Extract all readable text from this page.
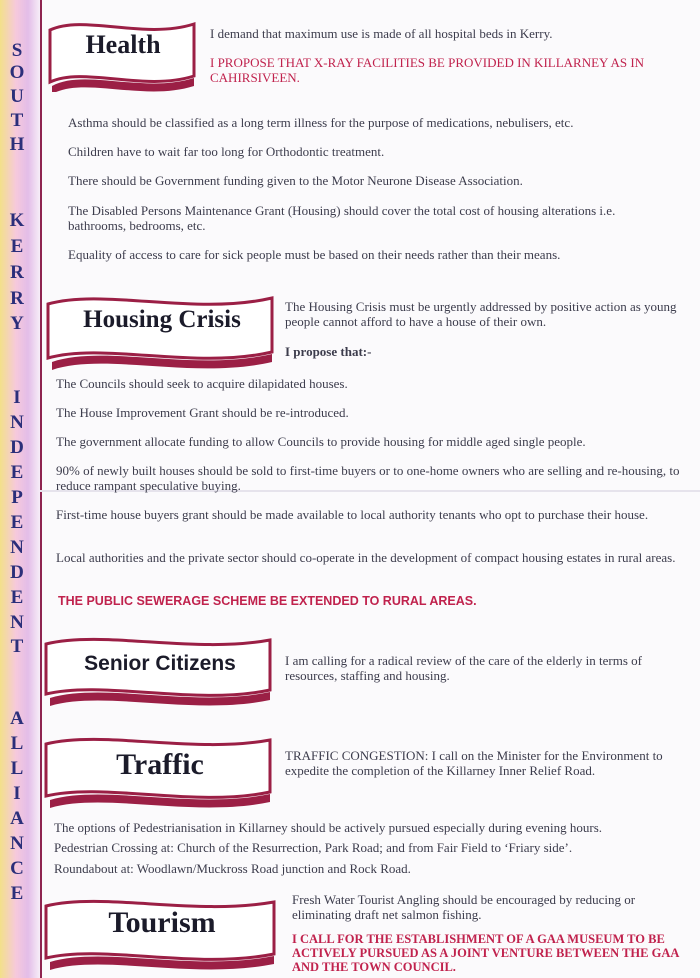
S
O
U
T
H
K
E
R
R
Y
I
N
D
E
P
E
N
D
E
N
T
A
L
L
I
A
N
C
E
Health	I demand that maximum use is made of all hospital beds in Kerry.
I PROPOSE THAT X-RAY FACILITIES BE PROVIDED IN KILLARNEY AS IN CAHIRSIVEEN.
Asthma should be classified as a long term illness for the purpose of medications, nebulisers, etc.
Children have to wait far too long for Orthodontic treatment.
There should be Government funding given to the Motor Neurone Disease Association.
The Disabled Persons Maintenance Grant (Housing) should cover the total cost of housing alterations i.e. bathrooms, bedrooms, etc.
Equality of access to care for sick people must be based on their needs rather than their means.
Housing Crisis	The Housing Crisis must be urgently addressed by positive action as young people cannot afford to have a house of their own.
I propose that:-
The Councils should seek to acquire dilapidated houses.
The House Improvement Grant should be re-introduced.
The government allocate funding to allow Councils to provide housing for middle aged single people.
90% of newly built houses should be sold to first-time buyers or to one-home owners who are selling and re-housing, to reduce rampant speculative buying.
First-time house buyers grant should be made available to local authority tenants who opt to purchase their house.
Local authorities and the private sector should co-operate in the development of compact housing estates in rural areas.
THE PUBLIC SEWERAGE SCHEME BE EXTENDED TO RURAL AREAS.
Senior Citizens	I am calling for a radical review of the care of the elderly in terms of resources, staffing and housing.
Traffic	TRAFFIC CONGESTION: I call on the Minister for the Environment to expedite the completion of the Killarney Inner Relief Road.
The options of Pedestrianisation in Killarney should be actively pursued especially during evening hours.
Pedestrian Crossing at: Church of the Resurrection, Park Road; and from Fair Field to ‘Friary side’.
Roundabout at: Woodlawn/Muckross Road junction and Rock Road.
Tourism
Fresh Water Tourist Angling should be encouraged by reducing or eliminating draft net salmon fishing.
I CALL FOR THE ESTABLISHMENT OF A GAA MUSEUM TO BE ACTIVELY PURSUED AS A JOINT VENTURE BETWEEN THE GAA AND THE TOWN COUNCIL.
